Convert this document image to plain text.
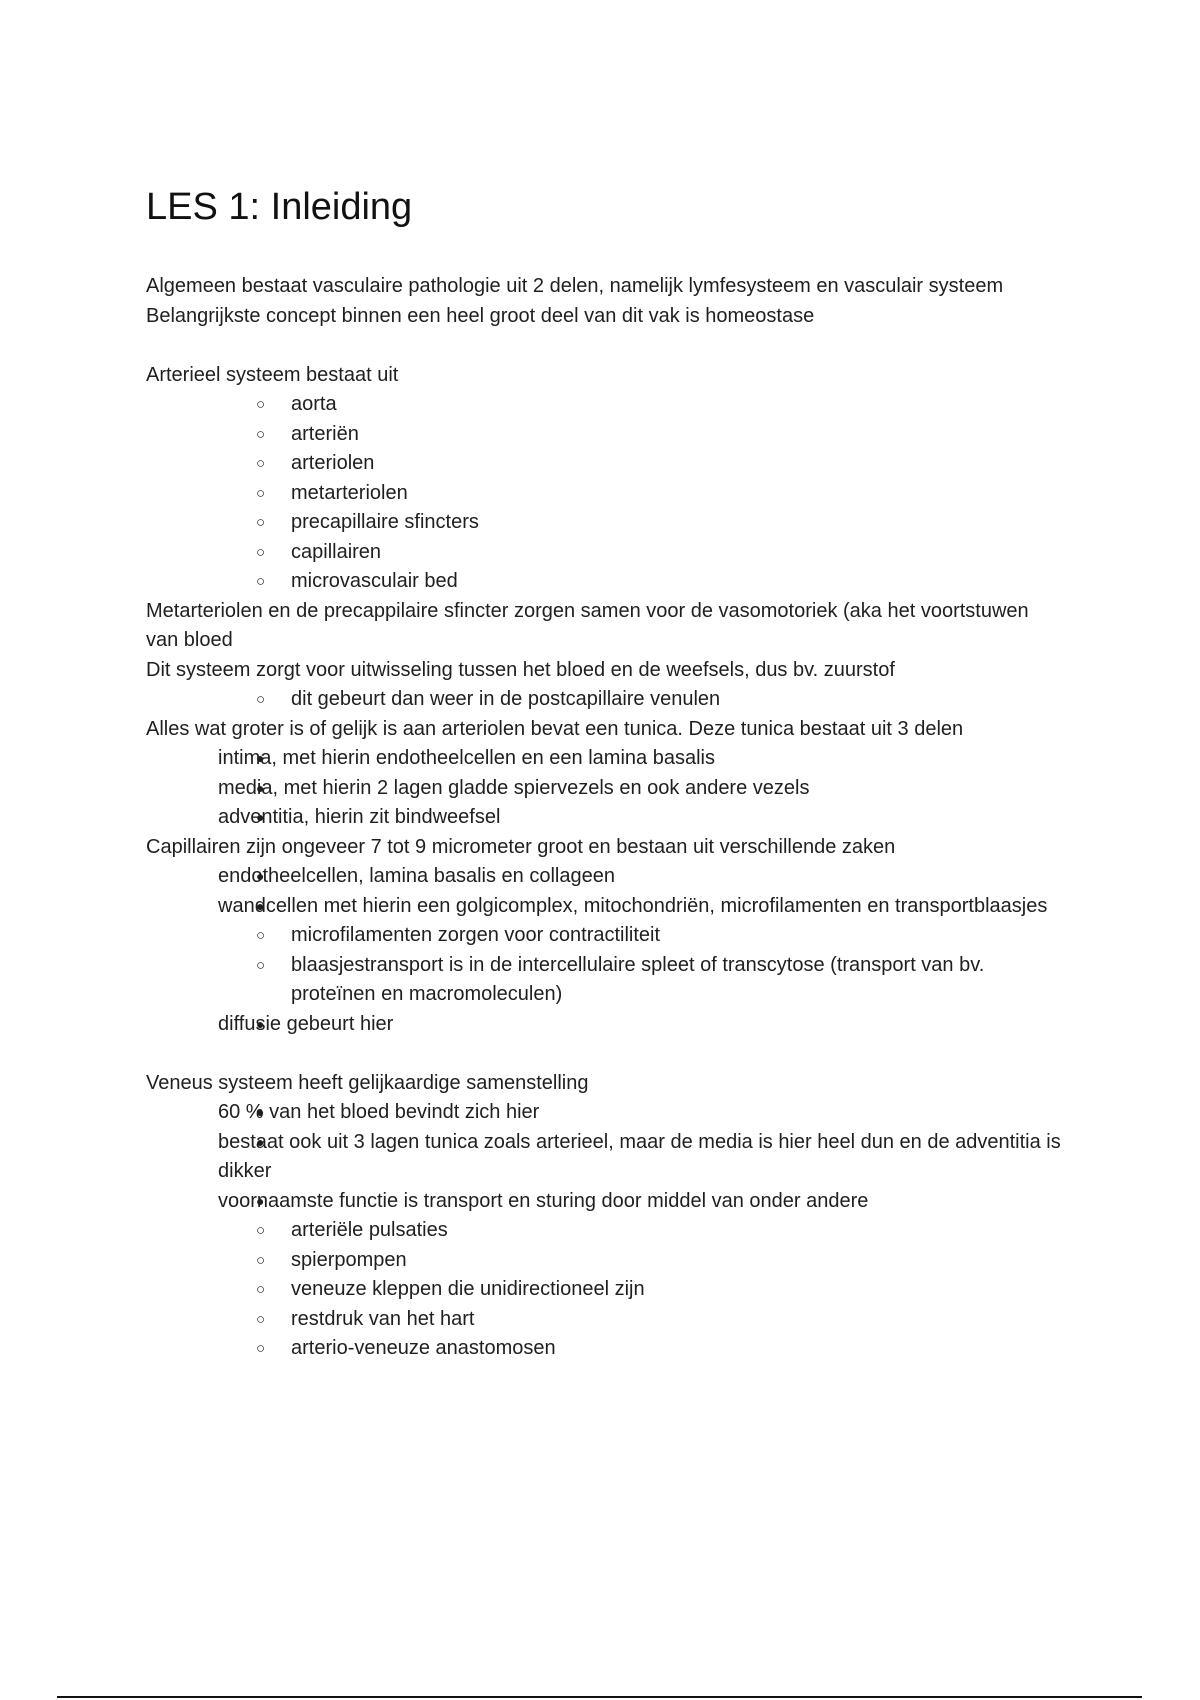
LES 1: Inleiding

Algemeen bestaat vasculaire pathologie uit 2 delen, namelijk lymfesysteem en vasculair systeem

Belangrijkste concept binnen een heel groot deel van dit vak is homeostase

Arterieel systeem bestaat uit

○ aorta
○ arteriën
○ arteriolen
○ metarteriolen
○ precapillaire sfincters
○ capillairen
○ microvasculair bed

Metarteriolen en de precappilaire sfincter zorgen samen voor de vasomotoriek (aka het voortstuwen van bloed

Dit systeem zorgt voor uitwisseling tussen het bloed en de weefsels, dus bv. zuurstof

○ dit gebeurt dan weer in de postcapillaire venulen

Alles wat groter is of gelijk is aan arteriolen bevat een tunica. Deze tunica bestaat uit 3 delen

● intima, met hierin endotheelcellen en een lamina basalis
● media, met hierin 2 lagen gladde spiervezels en ook andere vezels
● adventitia, hierin zit bindweefsel

Capillairen zijn ongeveer 7 tot 9 micrometer groot en bestaan uit verschillende zaken

● endotheelcellen, lamina basalis en collageen
● wandcellen met hierin een golgicomplex, mitochondriën, microfilamenten en transportblaasjes
○ microfilamenten zorgen voor contractiliteit
○ blaasjestransport is in de intercellulaire spleet of transcytose (transport van bv. proteïnen en macromoleculen)
● diffusie gebeurt hier

Veneus systeem heeft gelijkaardige samenstelling

● 60 % van het bloed bevindt zich hier
● bestaat ook uit 3 lagen tunica zoals arterieel, maar de media is hier heel dun en de adventitia is dikker
● voornaamste functie is transport en sturing door middel van onder andere
○ arteriële pulsaties
○ spierpompen
○ veneuze kleppen die unidirectioneel zijn
○ restdruk van het hart
○ arterio-veneuze anastomosen
